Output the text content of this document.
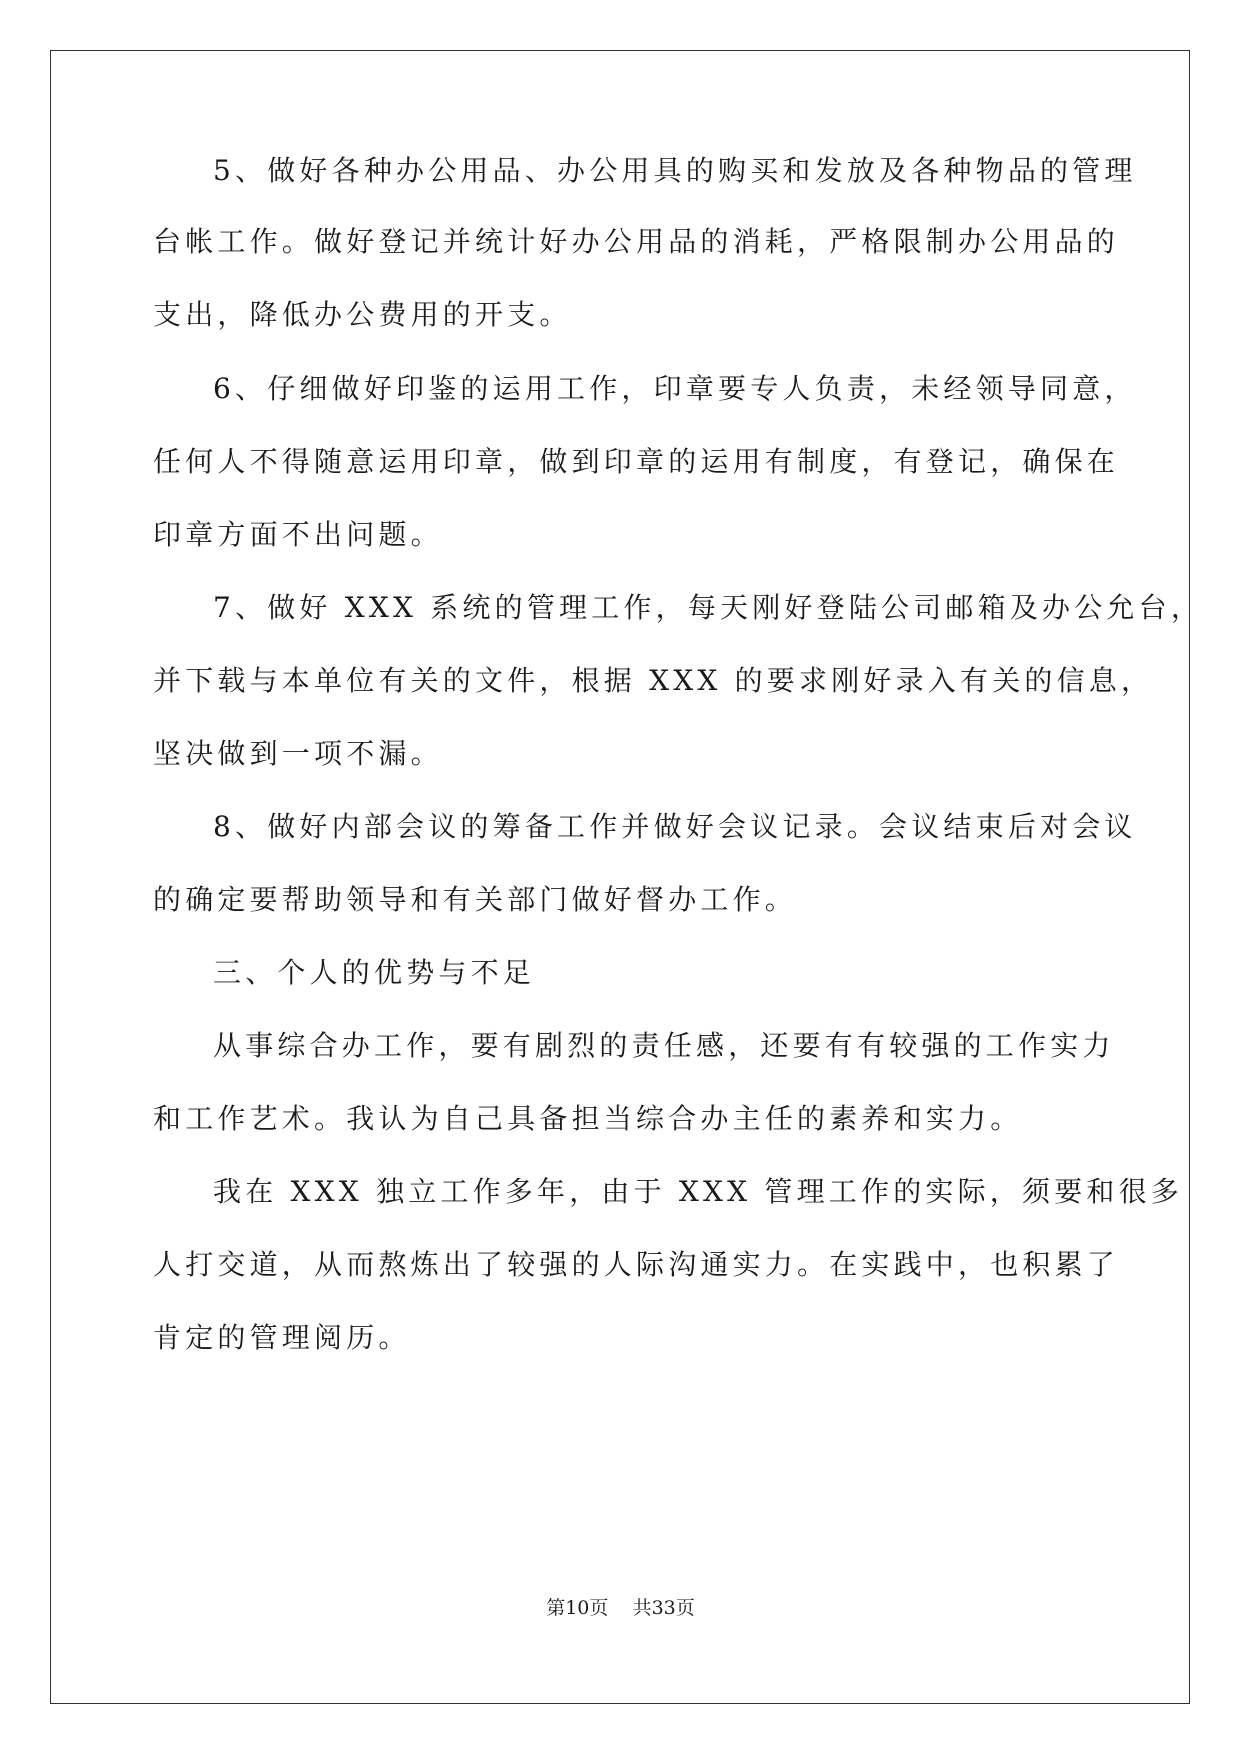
5、做好各种办公用品、办公用具的购买和发放及各种物品的管理

台帐工作。做好登记并统计好办公用品的消耗，严格限制办公用品的

支出，降低办公费用的开支。

6、仔细做好印鉴的运用工作，印章要专人负责，未经领导同意，

任何人不得随意运用印章，做到印章的运用有制度，有登记，确保在

印章方面不出问题。

7、做好 XXX 系统的管理工作，每天刚好登陆公司邮箱及办公允台，

并下载与本单位有关的文件，根据 XXX 的要求刚好录入有关的信息，

坚决做到一项不漏。

8、做好内部会议的筹备工作并做好会议记录。会议结束后对会议

的确定要帮助领导和有关部门做好督办工作。

三、个人的优势与不足

从事综合办工作，要有剧烈的责任感，还要有有较强的工作实力

和工作艺术。我认为自己具备担当综合办主任的素养和实力。

我在 XXX 独立工作多年，由于 XXX 管理工作的实际，须要和很多

人打交道，从而熬炼出了较强的人际沟通实力。在实践中，也积累了

肯定的管理阅历。

第10页 共33页
